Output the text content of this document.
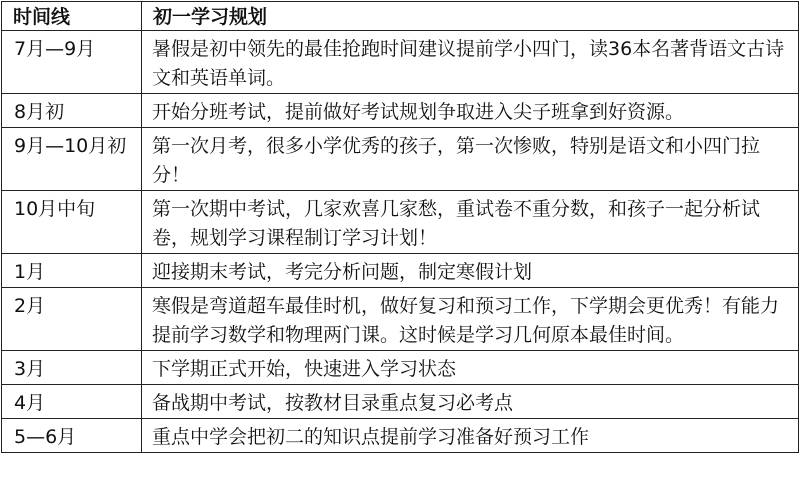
时间线	初一学习规划
7月—9月	暑假是初中领先的最佳抢跑时间建议提前学小四门，读36本名著背语文古诗文和英语单词。
8月初	开始分班考试，提前做好考试规划争取进入尖子班拿到好资源。
9月—10月初	第一次月考，很多小学优秀的孩子，第一次惨败，特别是语文和小四门拉分！
10月中旬	第一次期中考试，几家欢喜几家愁，重试卷不重分数，和孩子一起分析试卷，规划学习课程制订学习计划！
1月	迎接期末考试，考完分析问题，制定寒假计划
2月	寒假是弯道超车最佳时机，做好复习和预习工作，下学期会更优秀！有能力提前学习数学和物理两门课。这时候是学习几何原本最佳时间。
3月	下学期正式开始，快速进入学习状态
4月	备战期中考试，按教材目录重点复习必考点
5—6月	重点中学会把初二的知识点提前学习准备好预习工作
